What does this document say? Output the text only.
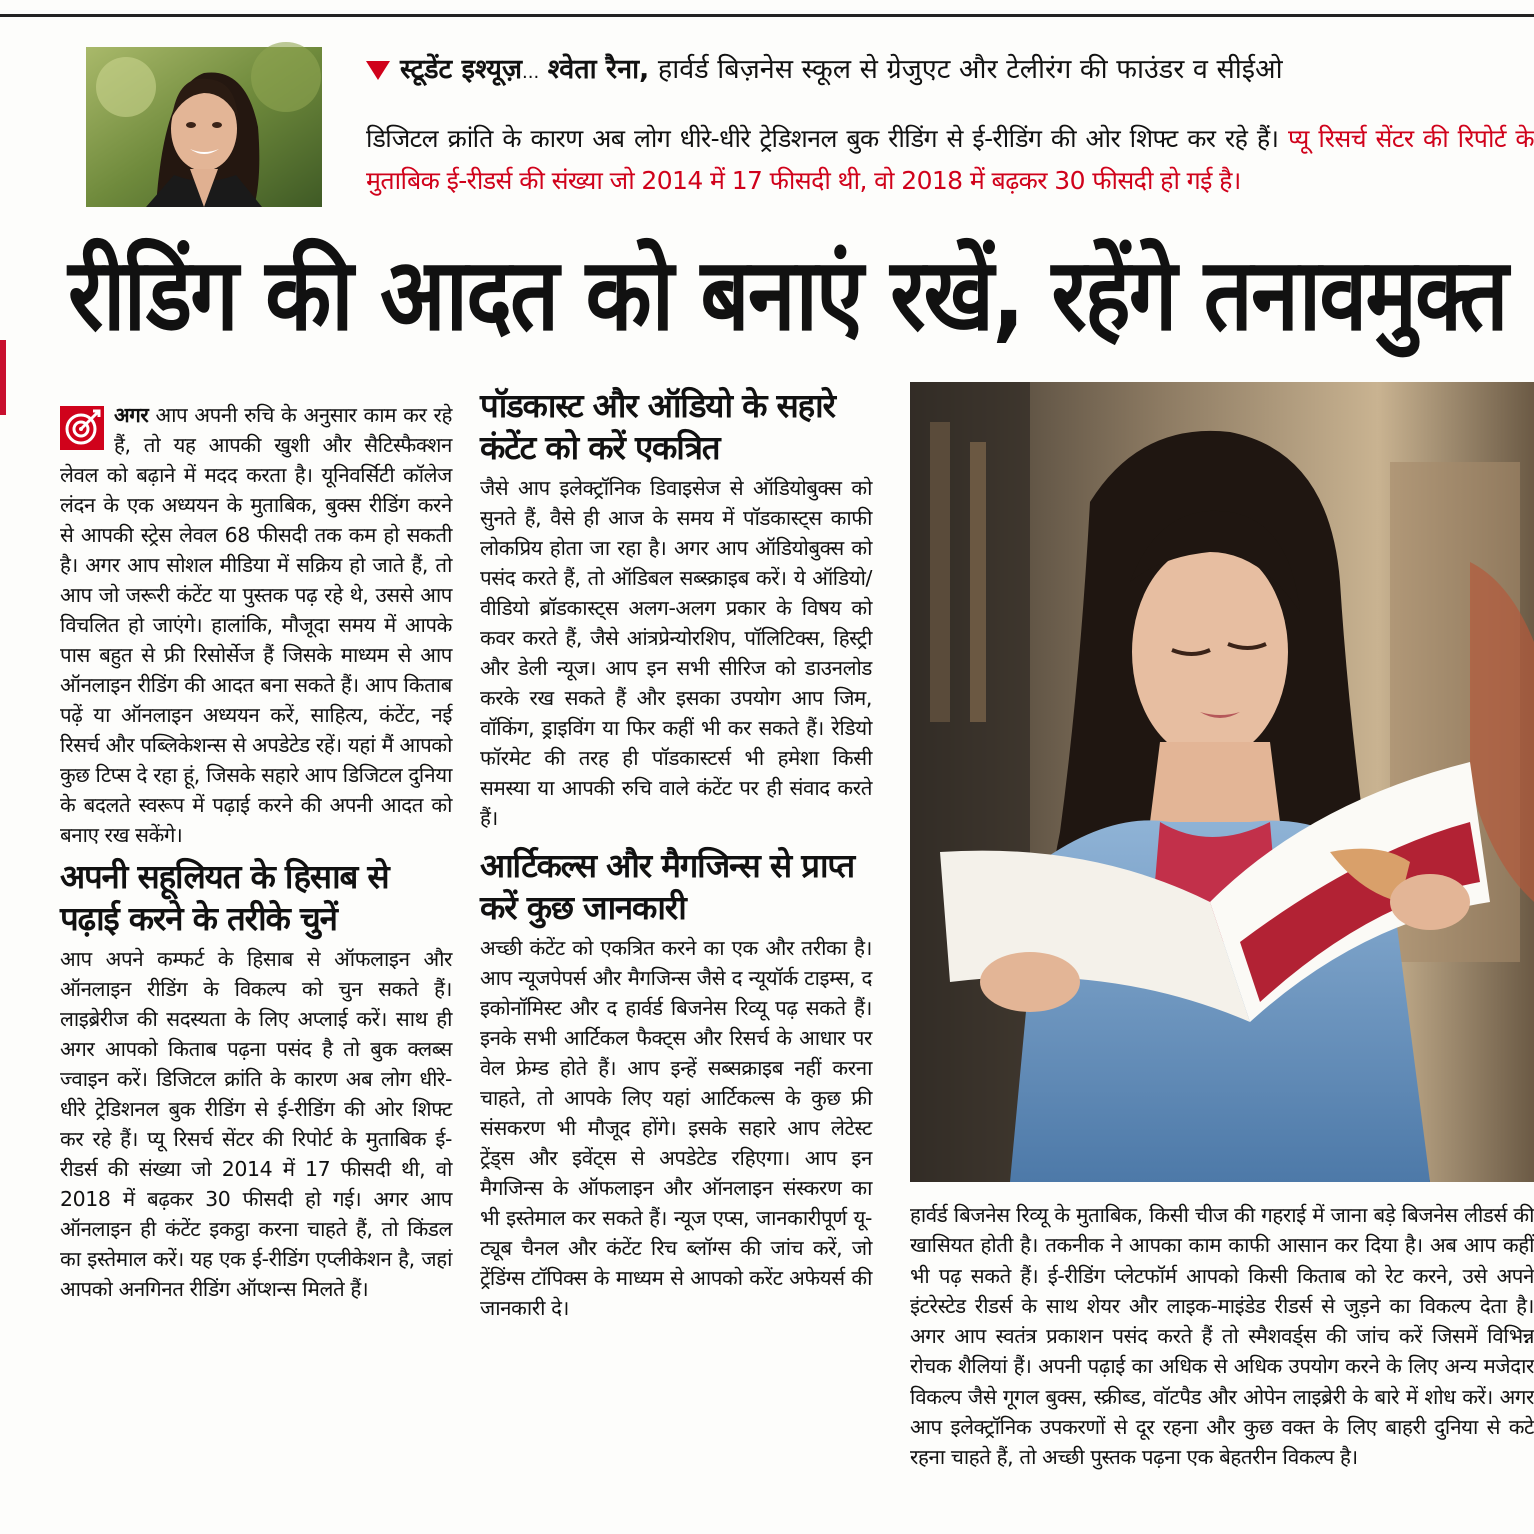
स्टूडेंट इश्यूज़... श्वेता रैना, हार्वर्ड बिज़नेस स्कूल से ग्रेजुएट और टेलीरंग की फाउंडर व सीईओ
डिजिटल क्रांति के कारण अब लोग धीरे-धीरे ट्रेडिशनल बुक रीडिंग से ई-रीडिंग की ओर शिफ्ट कर रहे हैं। प्यू रिसर्च सेंटर की रिपोर्ट के मुताबिक ई-रीडर्स की संख्या जो 2014 में 17 फीसदी थी, वो 2018 में बढ़कर 30 फीसदी हो गई है।
रीडिंग की आदत को बनाएं रखें, रहेंगे तनावमुक्त

अगर आप अपनी रुचि के अनुसार काम कर रहे हैं, तो यह आपकी खुशी और सैटिस्फैक्शन लेवल को बढ़ाने में मदद करता है। यूनिवर्सिटी कॉलेज लंदन के एक अध्ययन के मुताबिक, बुक्स रीडिंग करने से आपकी स्ट्रेस लेवल 68 फीसदी तक कम हो सकती है। अगर आप सोशल मीडिया में सक्रिय हो जाते हैं, तो आप जो जरूरी कंटेंट या पुस्तक पढ़ रहे थे, उससे आप विचलित हो जाएंगे। हालांकि, मौजूदा समय में आपके पास बहुत से फ्री रिसोर्सेज हैं जिसके माध्यम से आप ऑनलाइन रीडिंग की आदत बना सकते हैं। आप किताब पढ़ें या ऑनलाइन अध्ययन करें, साहित्य, कंटेंट, नई रिसर्च और पब्लिकेशन्स से अपडेटेड रहें। यहां मैं आपको कुछ टिप्स दे रहा हूं, जिसके सहारे आप डिजिटल दुनिया के बदलते स्वरूप में पढ़ाई करने की अपनी आदत को बनाए रख सकेंगे।

अपनी सहूलियत के हिसाब से पढ़ाई करने के तरीके चुनें

आप अपने कम्फर्ट के हिसाब से ऑफलाइन और ऑनलाइन रीडिंग के विकल्प को चुन सकते हैं। लाइब्रेरीज की सदस्यता के लिए अप्लाई करें। साथ ही अगर आपको किताब पढ़ना पसंद है तो बुक क्लब्स ज्वाइन करें। डिजिटल क्रांति के कारण अब लोग धीरे-धीरे ट्रेडिशनल बुक रीडिंग से ई-रीडिंग की ओर शिफ्ट कर रहे हैं। प्यू रिसर्च सेंटर की रिपोर्ट के मुताबिक ई-रीडर्स की संख्या जो 2014 में 17 फीसदी थी, वो 2018 में बढ़कर 30 फीसदी हो गई। अगर आप ऑनलाइन ही कंटेंट इकट्ठा करना चाहते हैं, तो किंडल का इस्तेमाल करें। यह एक ई-रीडिंग एप्लीकेशन है, जहां आपको अनगिनत रीडिंग ऑप्शन्स मिलते हैं।

पॉडकास्ट और ऑडियो के सहारे कंटेंट को करें एकत्रित

जैसे आप इलेक्ट्रॉनिक डिवाइसेज से ऑडियोबुक्स को सुनते हैं, वैसे ही आज के समय में पॉडकास्ट्स काफी लोकप्रिय होता जा रहा है। अगर आप ऑडियोबुक्स को पसंद करते हैं, तो ऑडिबल सब्स्क्राइब करें। ये ऑडियो/वीडियो ब्रॉडकास्ट्स अलग-अलग प्रकार के विषय को कवर करते हैं, जैसे आंत्रप्रेन्योरशिप, पॉलिटिक्स, हिस्ट्री और डेली न्यूज। आप इन सभी सीरिज को डाउनलोड करके रख सकते हैं और इसका उपयोग आप जिम, वॉकिंग, ड्राइविंग या फिर कहीं भी कर सकते हैं। रेडियो फॉरमेट की तरह ही पॉडकास्टर्स भी हमेशा किसी समस्या या आपकी रुचि वाले कंटेंट पर ही संवाद करते हैं।

आर्टिकल्स और मैगजिन्स से प्राप्त करें कुछ जानकारी

अच्छी कंटेंट को एकत्रित करने का एक और तरीका है। आप न्यूजपेपर्स और मैगजिन्स जैसे द न्यूयॉर्क टाइम्स, द इकोनॉमिस्ट और द हार्वर्ड बिजनेस रिव्यू पढ़ सकते हैं। इनके सभी आर्टिकल फैक्ट्स और रिसर्च के आधार पर वेल फ्रेम्ड होते हैं। आप इन्हें सब्सक्राइब नहीं करना चाहते, तो आपके लिए यहां आर्टिकल्स के कुछ फ्री संसकरण भी मौजूद होंगे। इसके सहारे आप लेटेस्ट ट्रेंड्स और इवेंट्स से अपडेटेड रहिएगा। आप इन मैगजिन्स के ऑफलाइन और ऑनलाइन संस्करण का भी इस्तेमाल कर सकते हैं। न्यूज एप्स, जानकारीपूर्ण यू-ट्यूब चैनल और कंटेंट रिच ब्लॉग्स की जांच करें, जो ट्रेंडिंग्स टॉपिक्स के माध्यम से आपको करेंट अफेयर्स की जानकारी दे।

हार्वर्ड बिजनेस रिव्यू के मुताबिक, किसी चीज की गहराई में जाना बड़े बिजनेस लीडर्स की खासियत होती है। तकनीक ने आपका काम काफी आसान कर दिया है। अब आप कहीं भी पढ़ सकते हैं। ई-रीडिंग प्लेटफॉर्म आपको किसी किताब को रेट करने, उसे अपने इंटरेस्टेड रीडर्स के साथ शेयर और लाइक-माइंडेड रीडर्स से जुड़ने का विकल्प देता है। अगर आप स्वतंत्र प्रकाशन पसंद करते हैं तो स्मैशवर्ड्स की जांच करें जिसमें विभिन्न रोचक शैलियां हैं। अपनी पढ़ाई का अधिक से अधिक उपयोग करने के लिए अन्य मजेदार विकल्प जैसे गूगल बुक्स, स्क्रीब्ड, वॉटपैड और ओपेन लाइब्रेरी के बारे में शोध करें। अगर आप इलेक्ट्रॉनिक उपकरणों से दूर रहना और कुछ वक्त के लिए बाहरी दुनिया से कटे रहना चाहते हैं, तो अच्छी पुस्तक पढ़ना एक बेहतरीन विकल्प है।
